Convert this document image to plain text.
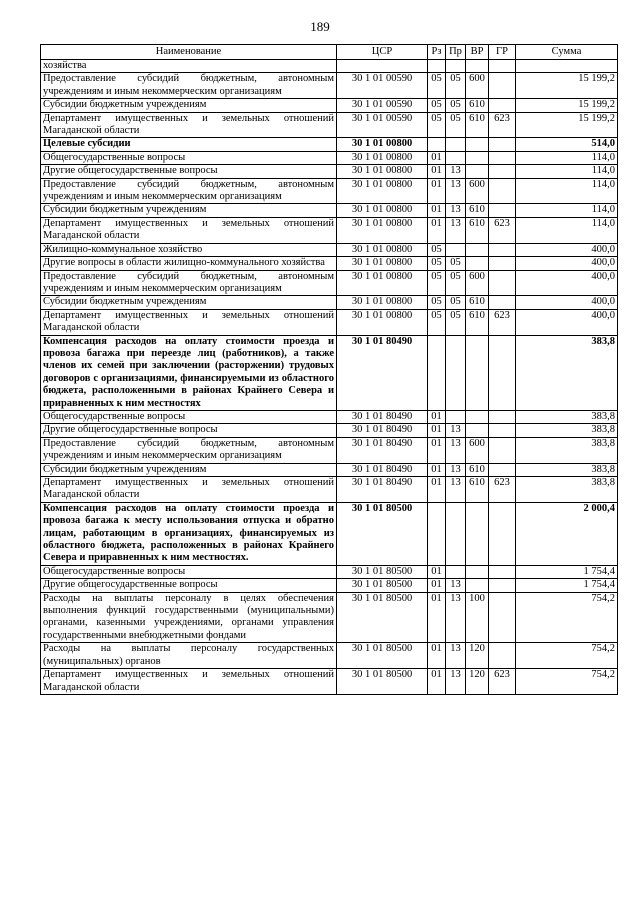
189
Наименование	ЦСР	Рз	Пр	ВР	ГР	Сумма
хозяйства						
Предоставление субсидий бюджетным, автономным учреждениям и иным некоммерческим организациям	30 1 01 00590	05	05	600		15 199,2
Субсидии бюджетным учреждениям	30 1 01 00590	05	05	610		15 199,2
Департамент имущественных и земельных отношений Магаданской области	30 1 01 00590	05	05	610	623	15 199,2
Целевые субсидии	30 1 01 00800					514,0
Общегосударственные вопросы	30 1 01 00800	01				114,0
Другие общегосударственные вопросы	30 1 01 00800	01	13			114,0
Предоставление субсидий бюджетным, автономным учреждениям и иным некоммерческим организациям	30 1 01 00800	01	13	600		114,0
Субсидии бюджетным учреждениям	30 1 01 00800	01	13	610		114,0
Департамент имущественных и земельных отношений Магаданской области	30 1 01 00800	01	13	610	623	114,0
Жилищно-коммунальное хозяйство	30 1 01 00800	05				400,0
Другие вопросы в области жилищно-коммунального хозяйства	30 1 01 00800	05	05			400,0
Предоставление субсидий бюджетным, автономным учреждениям и иным некоммерческим организациям	30 1 01 00800	05	05	600		400,0
Субсидии бюджетным учреждениям	30 1 01 00800	05	05	610		400,0
Департамент имущественных и земельных отношений Магаданской области	30 1 01 00800	05	05	610	623	400,0
Компенсация расходов на оплату стоимости проезда и провоза багажа при переезде лиц (работников), а также членов их семей при заключении (расторжении) трудовых договоров с организациями, финансируемыми из областного бюджета, расположенными в районах Крайнего Севера и приравненных к ним местностях	30 1 01 80490					383,8
Общегосударственные вопросы	30 1 01 80490	01				383,8
Другие общегосударственные вопросы	30 1 01 80490	01	13			383,8
Предоставление субсидий бюджетным, автономным учреждениям и иным некоммерческим организациям	30 1 01 80490	01	13	600		383,8
Субсидии бюджетным учреждениям	30 1 01 80490	01	13	610		383,8
Департамент имущественных и земельных отношений Магаданской области	30 1 01 80490	01	13	610	623	383,8
Компенсация расходов на оплату стоимости проезда и провоза багажа к месту использования отпуска и обратно лицам, работающим в организациях, финансируемых из областного бюджета, расположенных в районах Крайнего Севера и приравненных к ним местностях.	30 1 01 80500					2 000,4
Общегосударственные вопросы	30 1 01 80500	01				1 754,4
Другие общегосударственные вопросы	30 1 01 80500	01	13			1 754,4
Расходы на выплаты персоналу в целях обеспечения выполнения функций государственными (муниципальными) органами, казенными учреждениями, органами управления государственными внебюджетными фондами	30 1 01 80500	01	13	100		754,2
Расходы на выплаты персоналу государственных (муниципальных) органов	30 1 01 80500	01	13	120		754,2
Департамент имущественных и земельных отношений Магаданской области	30 1 01 80500	01	13	120	623	754,2
